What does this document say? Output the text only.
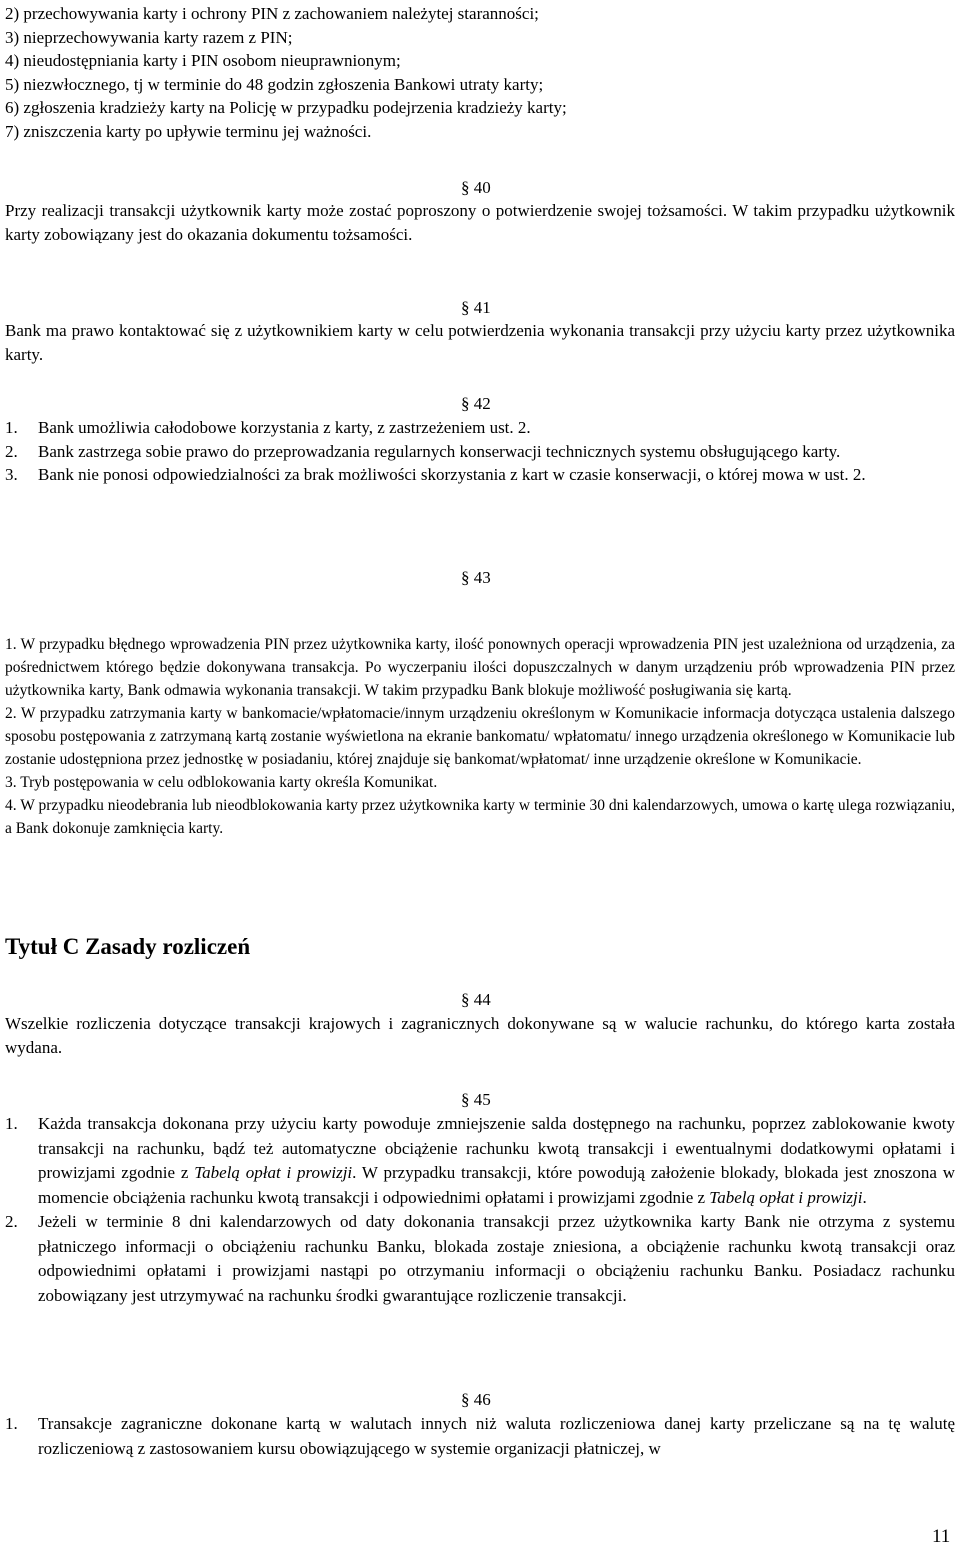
2) przechowywania karty i ochrony PIN z zachowaniem należytej staranności;
3) nieprzechowywania karty razem z PIN;
4) nieudostępniania karty i PIN osobom nieuprawnionym;
5) niezwłocznego, tj w terminie do 48 godzin zgłoszenia Bankowi utraty karty;
6) zgłoszenia kradzieży karty na Policję w przypadku podejrzenia kradzieży karty;
7) zniszczenia karty po upływie terminu jej ważności.
§ 40
Przy realizacji transakcji użytkownik karty może zostać poproszony o potwierdzenie swojej tożsamości. W takim przypadku użytkownik karty zobowiązany jest do okazania dokumentu tożsamości.
§ 41
Bank ma prawo kontaktować się z użytkownikiem karty w celu potwierdzenia wykonania transakcji przy użyciu karty przez użytkownika karty.
§ 42
1. Bank umożliwia całodobowe korzystania z karty, z zastrzeżeniem ust. 2.
2. Bank zastrzega sobie prawo do przeprowadzania regularnych konserwacji technicznych systemu obsługującego karty.
3. Bank nie ponosi odpowiedzialności za brak możliwości skorzystania z kart w czasie konserwacji, o której mowa w ust. 2.
§ 43
1. W przypadku błędnego wprowadzenia PIN przez użytkownika karty, ilość ponownych operacji wprowadzenia PIN jest uzależniona od urządzenia, za pośrednictwem którego będzie dokonywana transakcja. Po wyczerpaniu ilości dopuszczalnych w danym urządzeniu prób wprowadzenia PIN przez użytkownika karty, Bank odmawia wykonania transakcji. W takim przypadku Bank blokuje możliwość posługiwania się kartą.
2. W przypadku zatrzymania karty w bankomacie/wpłatomacie/innym urządzeniu określonym w Komunikacie informacja dotycząca ustalenia dalszego sposobu postępowania z zatrzymaną kartą zostanie wyświetlona na ekranie bankomatu/ wpłatomatu/ innego urządzenia określonego w Komunikacie lub zostanie udostępniona przez jednostkę w posiadaniu, której znajduje się bankomat/wpłatomat/ inne urządzenie określone w Komunikacie.
3. Tryb postępowania w celu odblokowania karty określa Komunikat.
4. W przypadku nieodebrania lub nieodblokowania karty przez użytkownika karty w terminie 30 dni kalendarzowych, umowa o kartę ulega rozwiązaniu, a Bank dokonuje zamknięcia karty.
Tytuł C Zasady rozliczeń
§ 44
Wszelkie rozliczenia dotyczące transakcji krajowych i zagranicznych dokonywane są w walucie rachunku, do którego karta została wydana.
§ 45
1. Każda transakcja dokonana przy użyciu karty powoduje zmniejszenie salda dostępnego na rachunku, poprzez zablokowanie kwoty transakcji na rachunku, bądź też automatyczne obciążenie rachunku kwotą transakcji i ewentualnymi dodatkowymi opłatami i prowizjami zgodnie z Tabelą opłat i prowizji. W przypadku transakcji, które powodują założenie blokady, blokada jest znoszona w momencie obciążenia rachunku kwotą transakcji i odpowiednimi opłatami i prowizjami zgodnie z Tabelą opłat i prowizji.
2. Jeżeli w terminie 8 dni kalendarzowych od daty dokonania transakcji przez użytkownika karty Bank nie otrzyma z systemu płatniczego informacji o obciążeniu rachunku Banku, blokada zostaje zniesiona, a obciążenie rachunku kwotą transakcji oraz odpowiednimi opłatami i prowizjami nastąpi po otrzymaniu informacji o obciążeniu rachunku Banku. Posiadacz rachunku zobowiązany jest utrzymywać na rachunku środki gwarantujące rozliczenie transakcji.
§ 46
1. Transakcje zagraniczne dokonane kartą w walutach innych niż waluta rozliczeniowa danej karty przeliczane są na tę walutę rozliczeniową z zastosowaniem kursu obowiązującego w systemie organizacji płatniczej, w
11
